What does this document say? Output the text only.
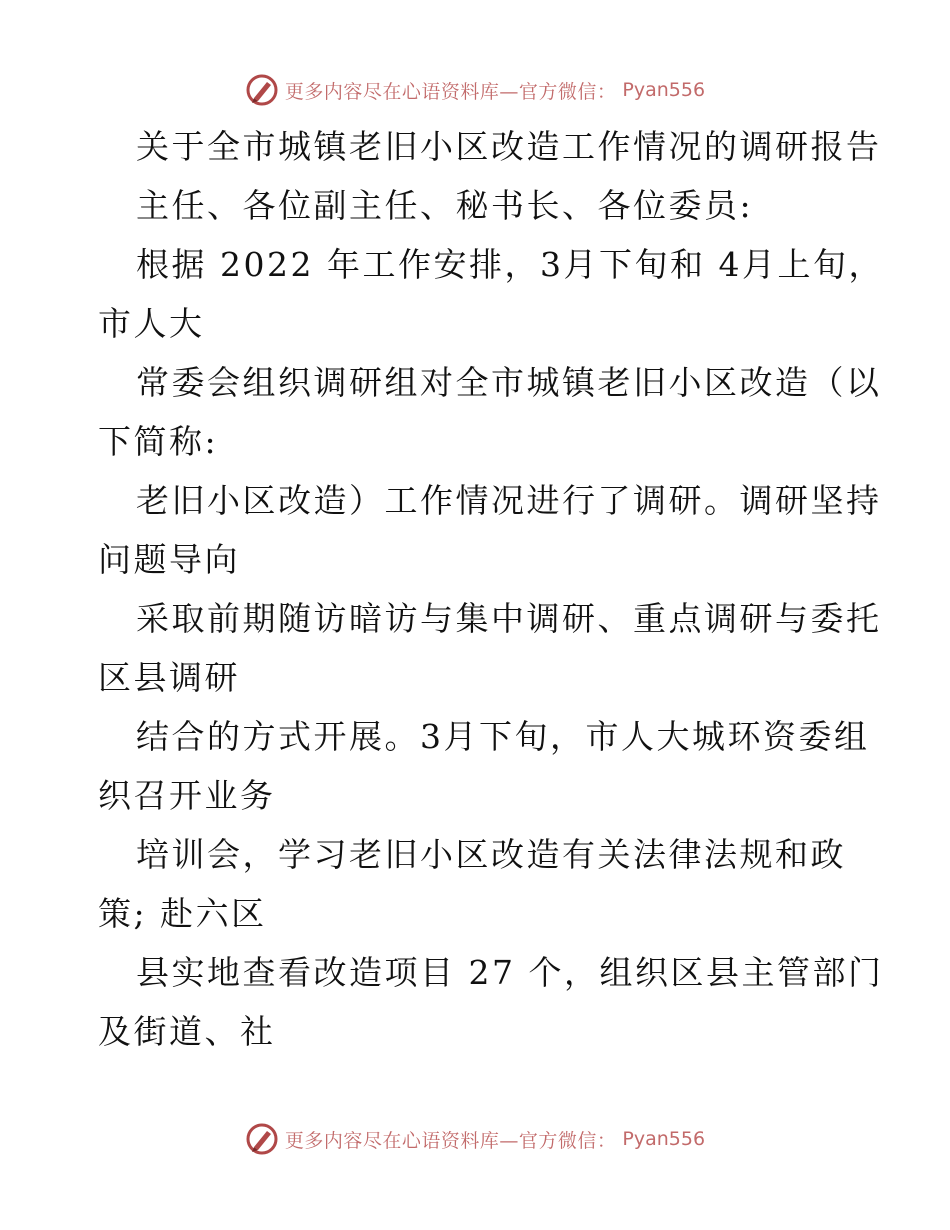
更多内容尽在心语资料库—官方微信： Pyan556
关于全市城镇老旧小区改造工作情况的调研报告
主任、各位副主任、秘书长、各位委员:
根据 2022 年工作安排，3月下旬和 4月上旬，
市人大
常委会组织调研组对全市城镇老旧小区改造（以
下简称:
老旧小区改造）工作情况进行了调研。调研坚持
问题导向
采取前期随访暗访与集中调研、重点调研与委托
区县调研
结合的方式开展。3月下旬，市人大城环资委组
织召开业务
培训会，学习老旧小区改造有关法律法规和政
策; 赴六区
县实地查看改造项目 27 个，组织区县主管部门
及街道、社
更多内容尽在心语资料库—官方微信： Pyan556
